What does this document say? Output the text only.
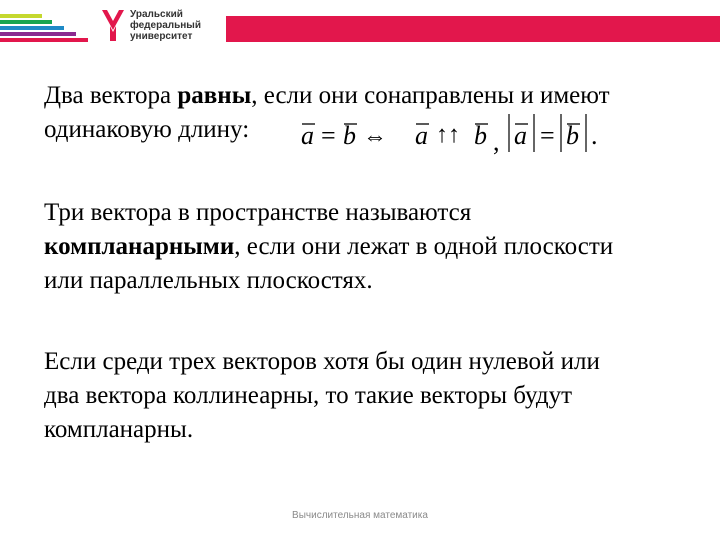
Уральский
федеральный
университет
Два вектора равны, если они сонаправлены и имеют
одинаковую длину:	a = b ⇔ a ↑↑ b , a = b .
Три вектора в пространстве называются
компланарными, если они лежат в одной плоскости
или параллельных плоскостях.
Если среди трех векторов хотя бы один нулевой или
два вектора коллинеарны, то такие векторы будут
компланарны.
Вычислительная математика
